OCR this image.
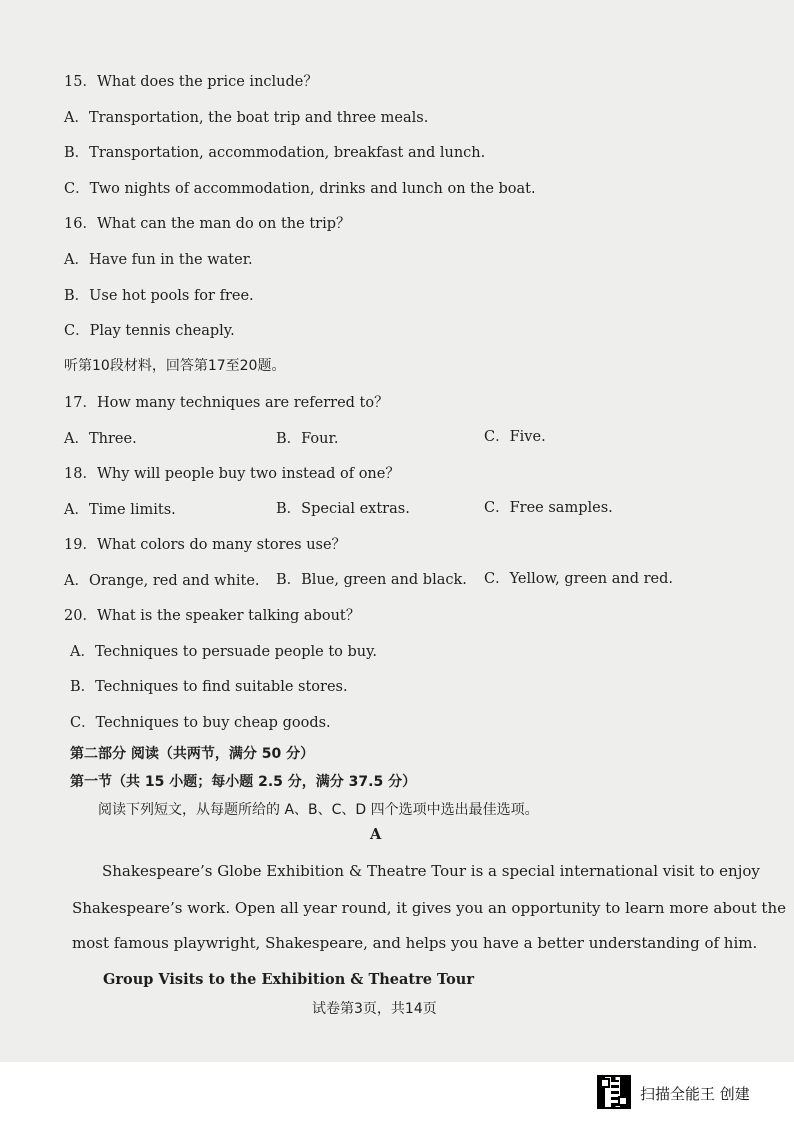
15．What does the price include？
A．Transportation, the boat trip and three meals.
B．Transportation, accommodation, breakfast and lunch.
C．Two nights of accommodation, drinks and lunch on the boat.
16．What can the man do on the trip？
A．Have fun in the water.
B．Use hot pools for free.
C．Play tennis cheaply.
听第10段材料，回答第17至20题。
17．How many techniques are referred to？
A．Three.	B．Four.	C．Five.
18．Why will people buy two instead of one？
A．Time limits.	B．Special extras.	C．Free samples.
19．What colors do many stores use？
A．Orange, red and white. B．Blue, green and black. C．Yellow, green and red.
20．What is the speaker talking about？
A．Techniques to persuade people to buy.
B．Techniques to find suitable stores.
C．Techniques to buy cheap goods.
第二部分 阅读（共两节，满分 50 分）
第一节（共 15 小题；每小题 2.5 分，满分 37.5 分）
阅读下列短文，从每题所给的 A、B、C、D 四个选项中选出最佳选项。
A
Shakespeare’s Globe Exhibition & Theatre Tour is a special international visit to enjoy
Shakespeare’s work. Open all year round, it gives you an opportunity to learn more about the
most famous playwright, Shakespeare, and helps you have a better understanding of him.
Group Visits to the Exhibition & Theatre Tour
试卷第3页，共14页
扫描全能王 创建
